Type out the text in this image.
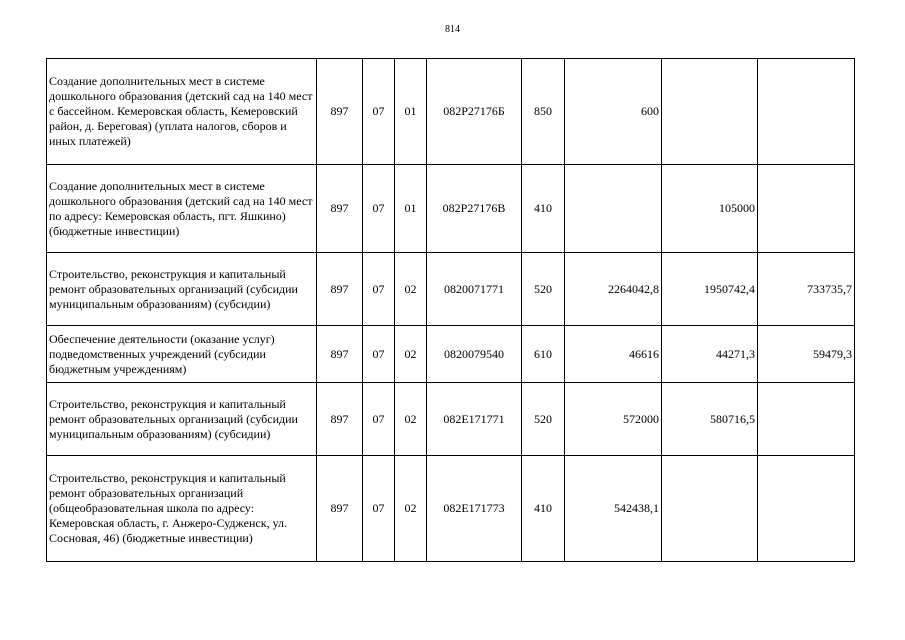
814
Создание дополнительных мест в системе дошкольного образования (детский сад на 140 мест с бассейном. Кемеровская область, Кемеровский район, д. Береговая) (уплата налогов, сборов и иных платежей)	897	07	01	082P27176Б	850	600		
Создание дополнительных мест в системе дошкольного образования (детский сад на 140 мест по адресу: Кемеровская область, пгт. Яшкино) (бюджетные инвестиции)	897	07	01	082P27176В	410		105000	
Строительство, реконструкция и капитальный ремонт образовательных организаций (субсидии муниципальным образованиям) (субсидии)	897	07	02	0820071771	520	2264042,8	1950742,4	733735,7
Обеспечение деятельности (оказание услуг) подведомственных учреждений (субсидии бюджетным учреждениям)	897	07	02	0820079540	610	46616	44271,3	59479,3
Строительство, реконструкция и капитальный ремонт образовательных организаций (субсидии муниципальным образованиям) (субсидии)	897	07	02	082E171771	520	572000	580716,5	
Строительство, реконструкция и капитальный ремонт образовательных организаций (общеобразовательная школа по адресу: Кемеровская область, г. Анжеро-Судженск, ул. Сосновая, 46) (бюджетные инвестиции)	897	07	02	082E171773	410	542438,1		
